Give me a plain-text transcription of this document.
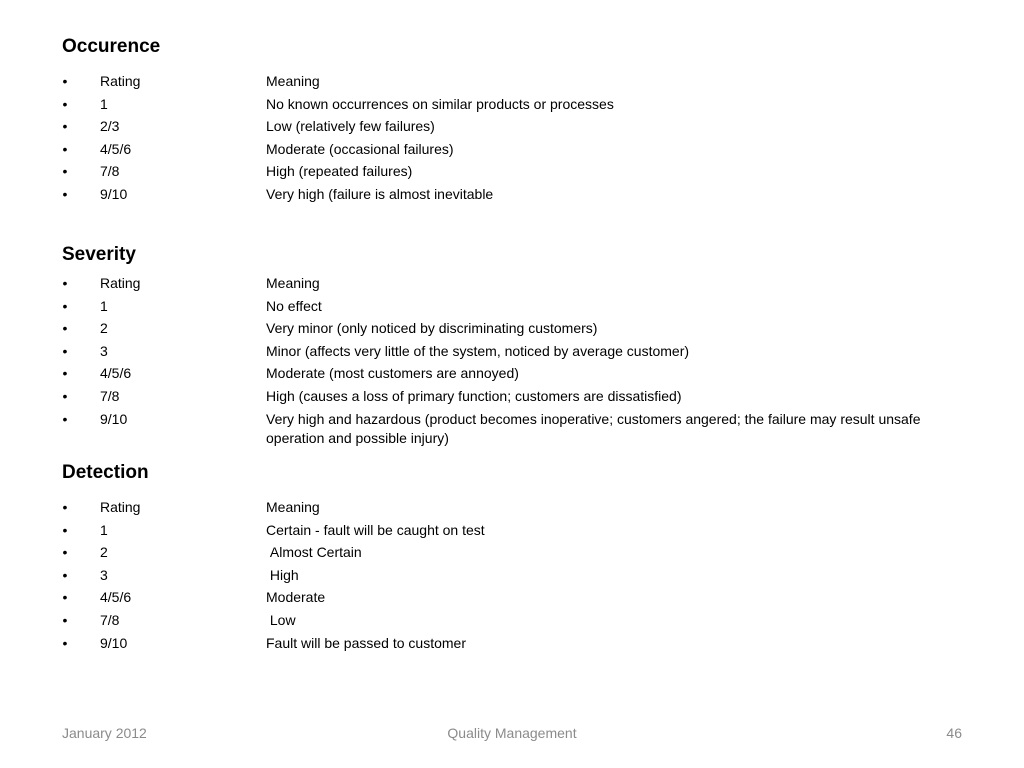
Occurence
• Rating	Meaning
• 1	No known occurrences on similar products or processes
• 2/3	Low (relatively few failures)
• 4/5/6	Moderate (occasional failures)
• 7/8	High (repeated failures)
• 9/10	Very high (failure is almost inevitable
Severity
• Rating	Meaning
• 1	No effect
• 2	Very minor (only noticed by discriminating customers)
• 3	Minor (affects very little of the system, noticed by average customer)
• 4/5/6	Moderate (most customers are annoyed)
• 7/8	High (causes a loss of primary function; customers are dissatisfied)
• 9/10	Very high and hazardous (product becomes inoperative; customers angered; the failure may result unsafe operation and possible injury)
Detection
• Rating	Meaning
• 1	Certain - fault will be caught on test
• 2	Almost Certain
• 3	High
• 4/5/6	Moderate
• 7/8	Low
• 9/10	Fault will be passed to customer
January 2012	Quality Management	46
